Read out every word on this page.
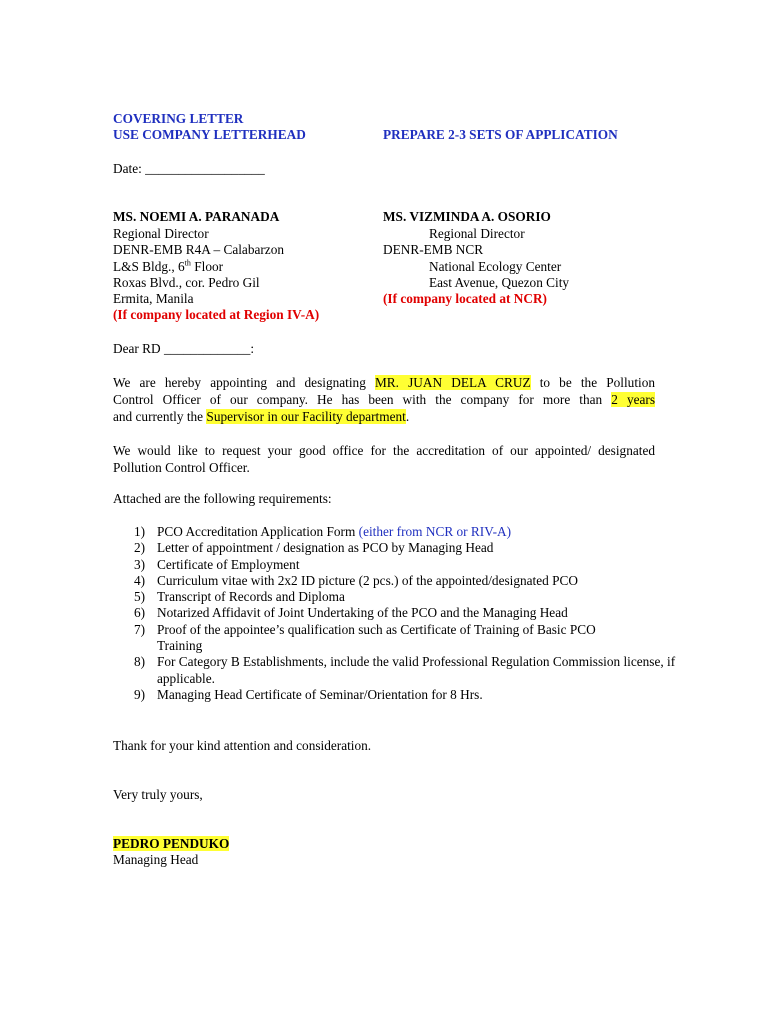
COVERING LETTER
USE COMPANY LETTERHEAD	PREPARE 2-3 SETS OF APPLICATION
Date: __________________
MS. NOEMI A. PARANADA
Regional Director
DENR-EMB R4A – Calabarzon
L&S Bldg., 6th Floor
Roxas Blvd., cor. Pedro Gil
Ermita, Manila
(If company located at Region IV-A)
MS. VIZMINDA A. OSORIO
Regional Director
DENR-EMB NCR
National Ecology Center
East Avenue, Quezon City
(If company located at NCR)
Dear RD _____________:
We are hereby appointing and designating MR. JUAN DELA CRUZ to be the Pollution
Control Officer of our company. He has been with the company for more than 2 years
and currently the Supervisor in our Facility department.
We would like to request your good office for the accreditation of our appointed/ designated
Pollution Control Officer.
Attached are the following requirements:
1) PCO Accreditation Application Form (either from NCR or RIV-A)
2) Letter of appointment / designation as PCO by Managing Head
3) Certificate of Employment
4) Curriculum vitae with 2x2 ID picture (2 pcs.) of the appointed/designated PCO
5) Transcript of Records and Diploma
6) Notarized Affidavit of Joint Undertaking of the PCO and the Managing Head
7) Proof of the appointee’s qualification such as Certificate of Training of Basic PCO Training
8) For Category B Establishments, include the valid Professional Regulation Commission license, if applicable.
9) Managing Head Certificate of Seminar/Orientation for 8 Hrs.
Thank for your kind attention and consideration.
Very truly yours,
PEDRO PENDUKO
Managing Head
